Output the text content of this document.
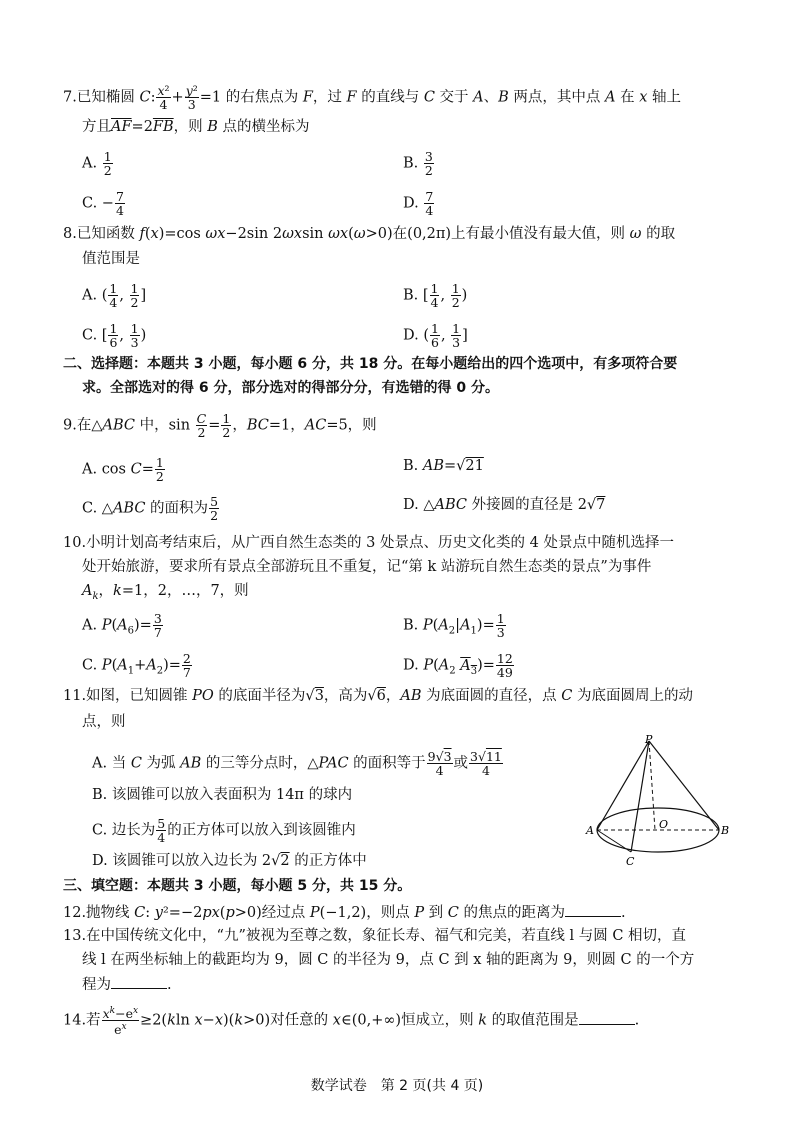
7.已知椭圆 C: $\frac{\text{x²}}{4} + \frac{\text{y²}}{3} =1$ 的右焦点为 F，过 F 的直线与 C 交于 A、B 两点，其中点 A 在 x 轴上
方且$\overline{AF}=2\overline{FB}$，则 B 点的横坐标为
A. $\frac{1}{2}$	B. $\frac{3}{2}$
C. − $\frac{7}{4}$	D. $\frac{7}{4}$
8.已知函数 f(x)=cos ωx−2sin 2ωxsin ωx(ω>0)在(0,2π)上有最小值没有最大值，则 ω 的取
值范围是
A. ( $\frac{1}{4}$ , $\frac{1}{2}$ ]	B. [ $\frac{1}{4}$ , $\frac{1}{2}$ )
C. [ $\frac{1}{6}$ , $\frac{1}{3}$ )	D. ( $\frac{1}{6}$ , $\frac{1}{3}$ ]
二、选择题：本题共 3 小题，每小题 6 分，共 18 分。在每小题给出的四个选项中，有多项符合要
求。全部选对的得 6 分，部分选对的得部分分，有选错的得 0 分。
9.在△ABC 中，$\sin \frac{C}{2} = \frac{1}{2}$ ，BC=1，AC=5，则
A. $\cos C= \frac{1}{2}$	B. AB=√21
C. △ABC 的面积为 $\frac{5}{2}$	D. △ABC 外接圆的直径是 2√7
10.小明计划高考结束后，从广西自然生态类的 3 处景点、历史文化类的 4 处景点中随机选择一
处开始旅游，要求所有景点全部游玩且不重复，记“第 k 站游玩自然生态类的景点”为事件
$A_k$，k=1，2，…，7，则
A. $P(A_6)= \frac{3}{7}$	B. $P(A_2|A_1)= \frac{1}{3}$
C. $P(A_1+A_2)= \frac{2}{7}$	D. $P(A_2$ $A_3)= \frac{12}{49}$
11.如图，已知圆锥 PO 的底面半径为√3，高为√6，AB 为底面圆的直径，点 C 为底面圆周上的动
点，则
A. 当 C 为弧 AB 的三等分点时，△PAC 的面积等于 $\frac{9√3}{4}$ 或 $\frac{3√11}{4}$
B. 该圆锥可以放入表面积为 14π 的球内
C. 边长为 $\frac{5}{4}$ 的正方体可以放入到该圆锥内
D. 该圆锥可以放入边长为 2√2 的正方体中
P
O
A	B
C
三、填空题：本题共 3 小题，每小题 5 分，共 15 分。
12.抛物线 C: y²=−2px(p>0)经过点 P(−1,2)，则点 P 到 C 的焦点的距离为	.
13.在中国传统文化中，“九”被视为至尊之数，象征长寿、福气和完美，若直线 l 与圆 C 相切，直
线 l 在两坐标轴上的截距均为 9，圆 C 的半径为 9，点 C 到 x 轴的距离为 9，则圆 C 的一个方
程为	.
14.若 $\frac{x^k-e^x}{e^x} \ge 2(kln$ x−x)(k>0)对任意的 x∈(0,+∞)恒成立，则 k 的取值范围是	.
数学试卷　第 2 页(共 4 页)
